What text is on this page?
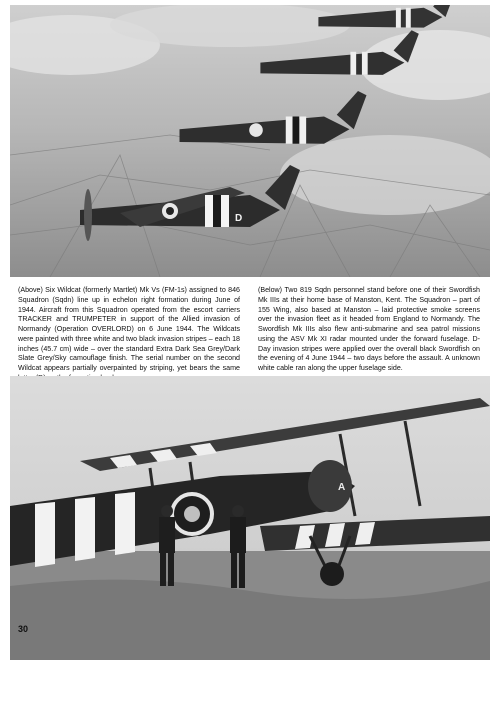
D

(Above) Six Wildcat (formerly Martlet) Mk Vs (FM-1s) assigned to 846 Squadron (Sqdn) line up in echelon right formation during June of 1944. Aircraft from this Squadron operated from the escort carriers TRACKER and TRUMPETER in support of the Allied invasion of Normandy (Operation OVERLORD) on 6 June 1944. The Wildcats were painted with three white and two black invasion stripes – each 18 inches (45.7 cm) wide – over the standard Extra Dark Sea Grey/Dark Slate Grey/Sky camouflage finish. The serial number on the second Wildcat appears partially overpainted by striping, yet bears the same

(Below) Two 819 Sqdn personnel stand before one of their Swordfish Mk IIIs at their home base of Manston, Kent. The Squadron – part of 155 Wing, also based at Manston – laid protective smoke screens over the invasion fleet as it headed from England to Normandy. The Swordfish Mk IIIs also flew anti-submarine and sea patrol missions using the ASV Mk XI radar mounted under the forward fuselage. D-Day invasion stripes were applied over the overall black Swordfish on the evening of 4 June 1944 – two days before the assault. A unknown white cable ran along the upper fuselage side.

A

30
